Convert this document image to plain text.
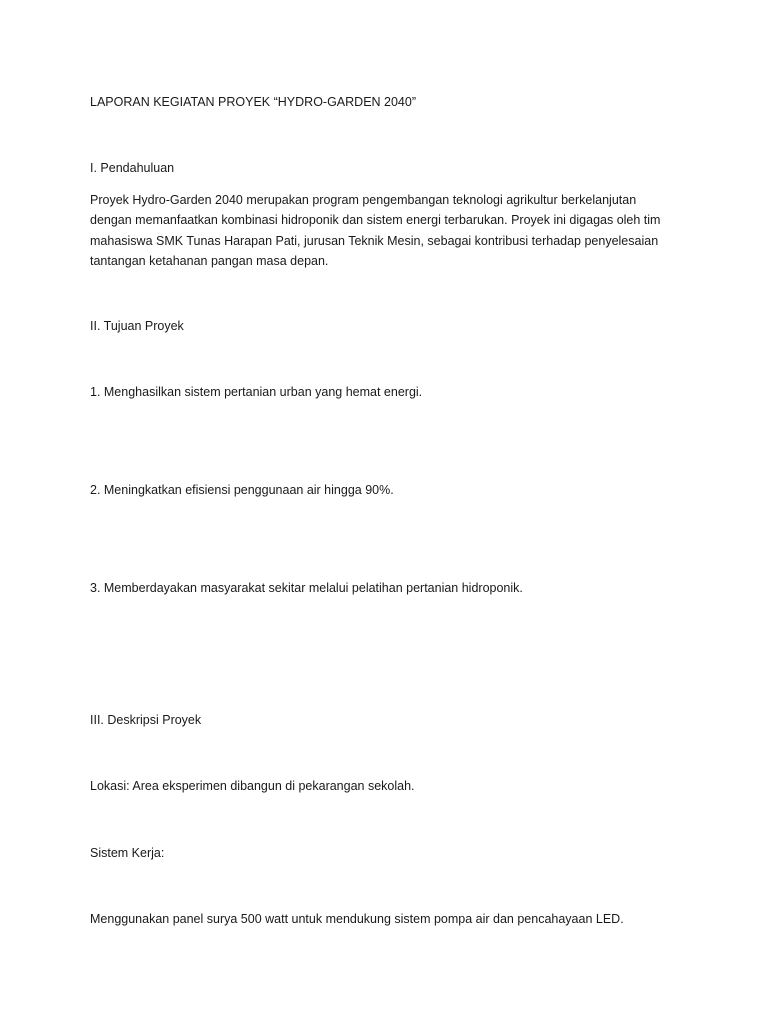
LAPORAN KEGIATAN PROYEK “HYDRO-GARDEN 2040”

I. Pendahuluan

Proyek Hydro-Garden 2040 merupakan program pengembangan teknologi agrikultur berkelanjutan
dengan memanfaatkan kombinasi hidroponik dan sistem energi terbarukan. Proyek ini digagas oleh tim
mahasiswa SMK Tunas Harapan Pati, jurusan Teknik Mesin, sebagai kontribusi terhadap penyelesaian
tantangan ketahanan pangan masa depan.

II. Tujuan Proyek

1. Menghasilkan sistem pertanian urban yang hemat energi.

2. Meningkatkan efisiensi penggunaan air hingga 90%.

3. Memberdayakan masyarakat sekitar melalui pelatihan pertanian hidroponik.

III. Deskripsi Proyek

Lokasi: Area eksperimen dibangun di pekarangan sekolah.

Sistem Kerja:

Menggunakan panel surya 500 watt untuk mendukung sistem pompa air dan pencahayaan LED.
